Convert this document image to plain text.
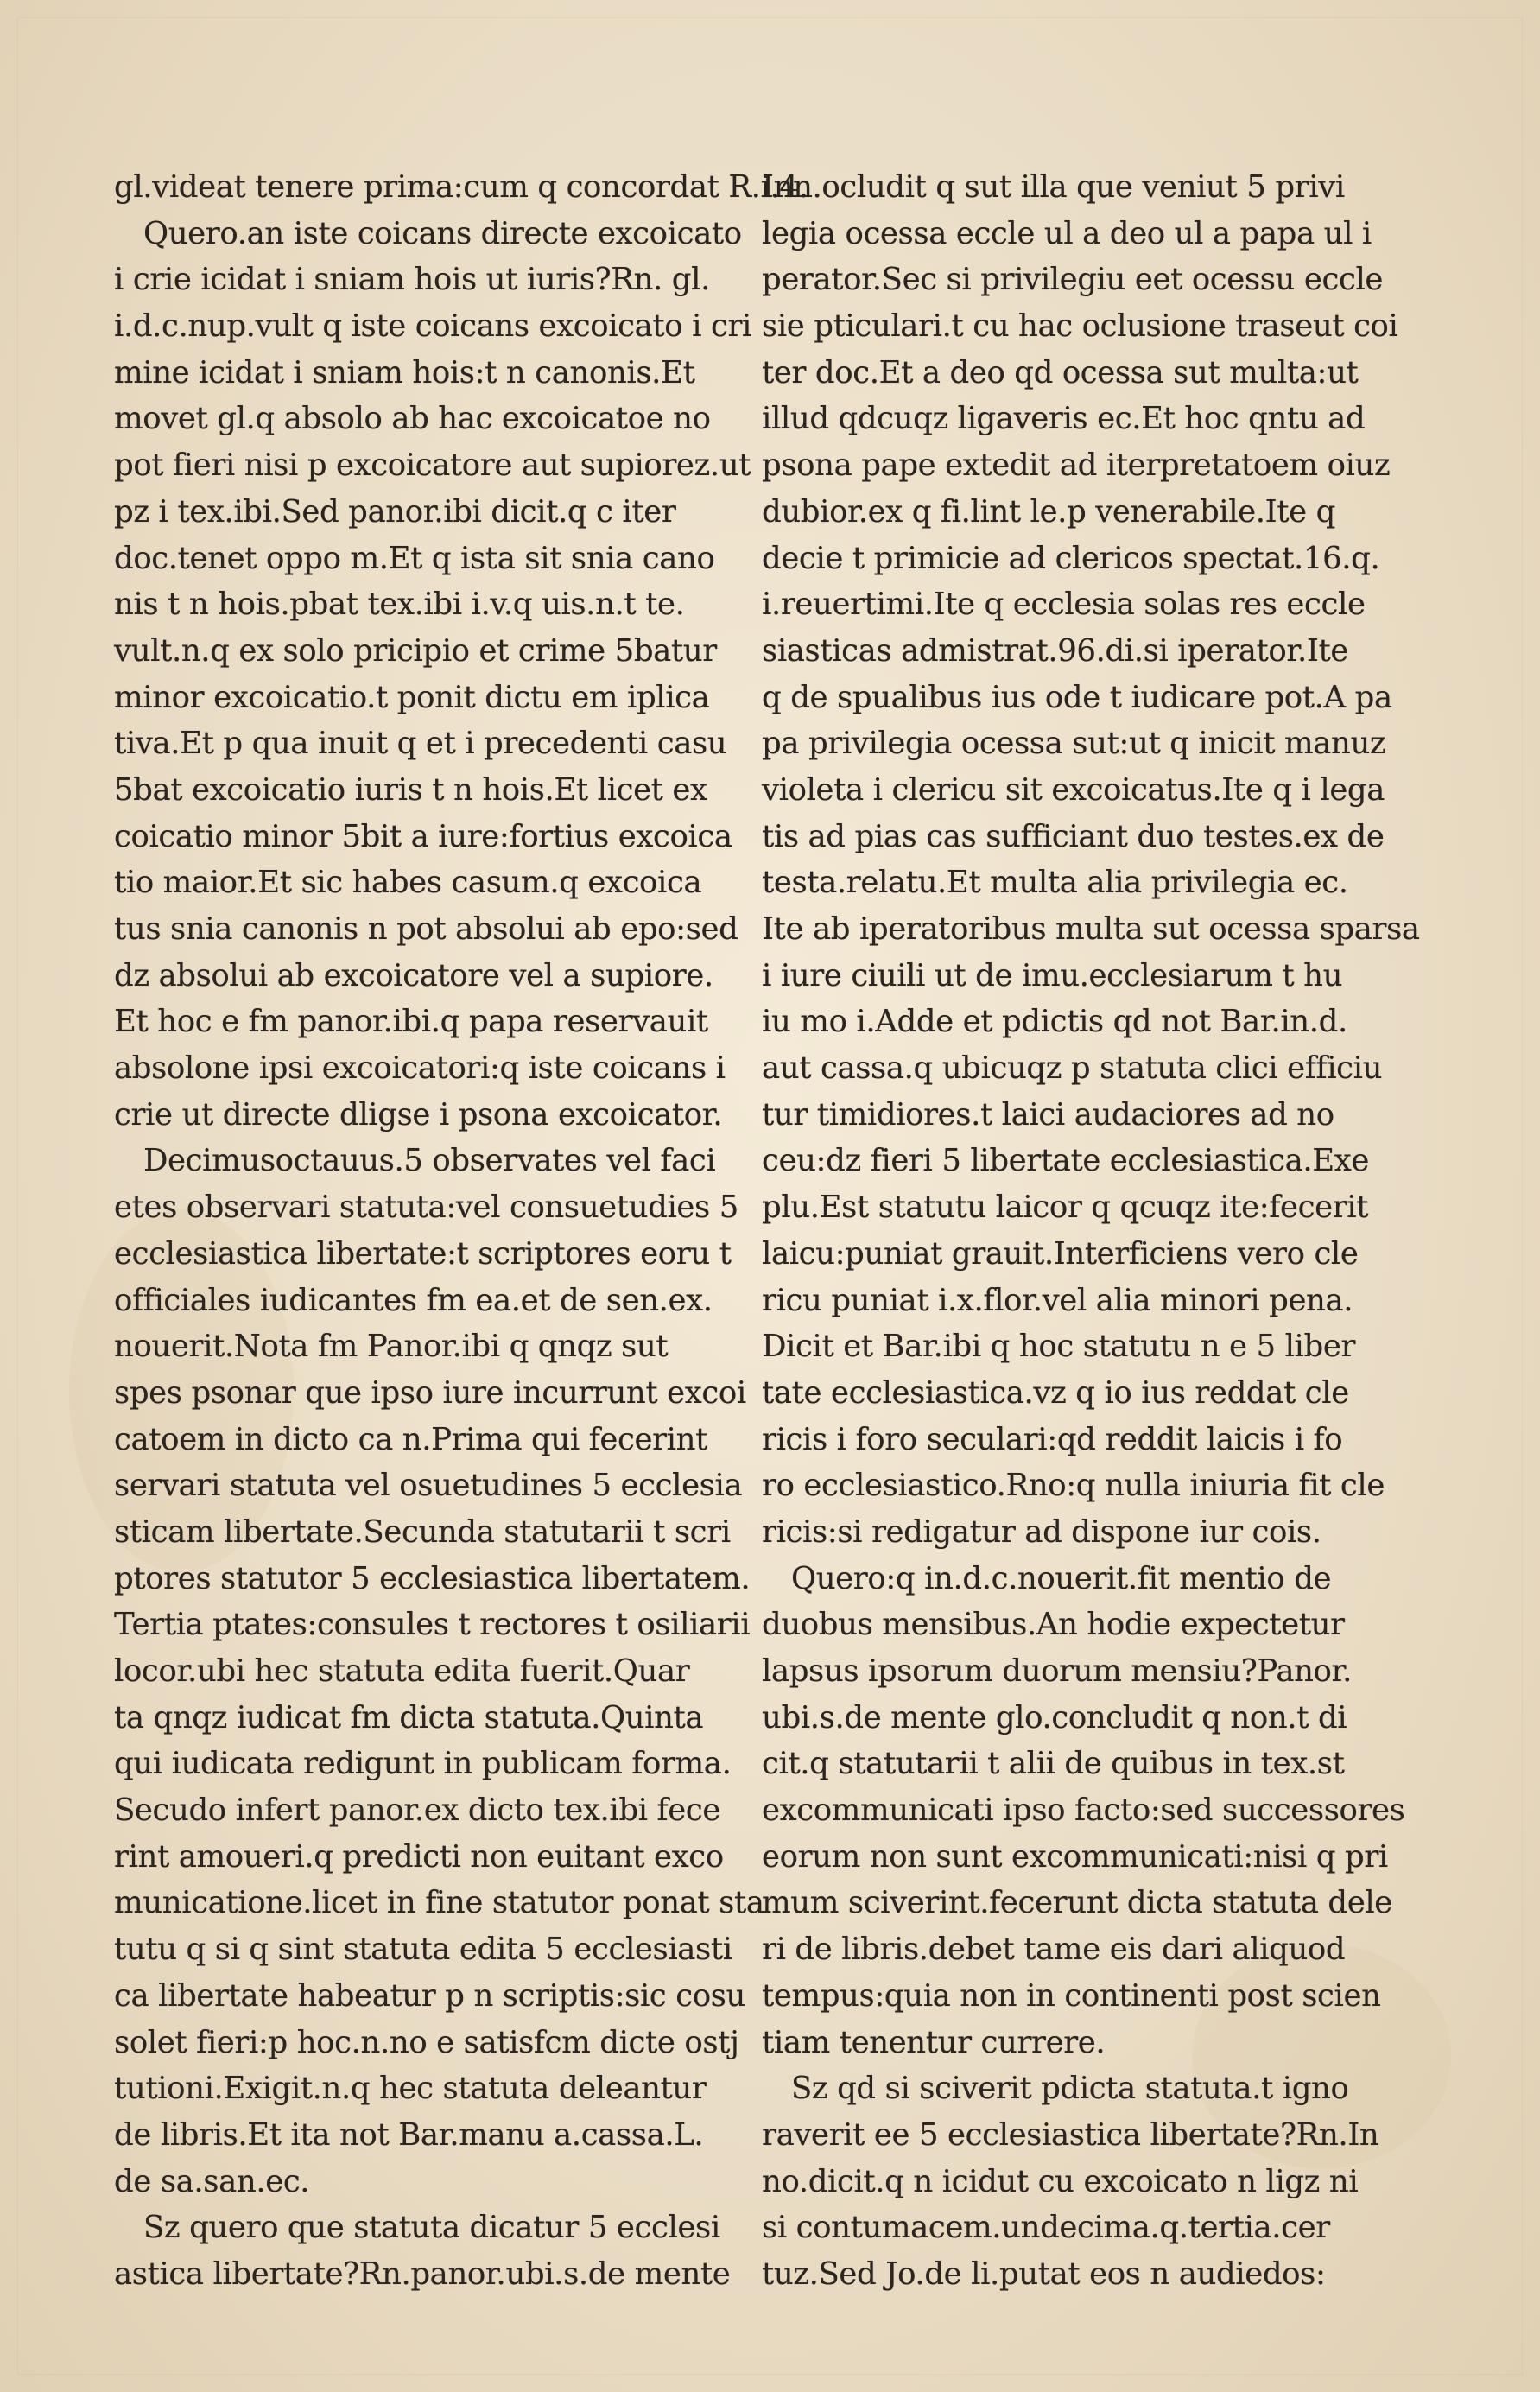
gl.videat tenere prima:cum q concordat R.i.4.
Quero.an iste coicans directe excoicato
i crie icidat i sniam hois ut iuris?Rn. gl.
i.d.c.nup.vult q iste coicans excoicato i cri
mine icidat i sniam hois:t n canonis.Et
movet gl.q absolo ab hac excoicatoe no
pot fieri nisi p excoicatore aut supiorez.ut
pz i tex.ibi.Sed panor.ibi dicit.q c iter
doc.tenet oppo m.Et q ista sit snia cano
nis t n hois.pbat tex.ibi i.v.q uis.n.t te.
vult.n.q ex solo pricipio et crime 5batur
minor excoicatio.t ponit dictu em iplica
tiva.Et p qua inuit q et i precedenti casu
5bat excoicatio iuris t n hois.Et licet ex
coicatio minor 5bit a iure:fortius excoica
tio maior.Et sic habes casum.q excoica
tus snia canonis n pot absolui ab epo:sed
dz absolui ab excoicatore vel a supiore.
Et hoc e fm panor.ibi.q papa reservauit
absolone ipsi excoicatori:q iste coicans i
crie ut directe dligse i psona excoicator.
Decimusoctauus.5 observates vel faci
etes observari statuta:vel consuetudies 5
ecclesiastica libertate:t scriptores eoru t
officiales iudicantes fm ea.et de sen.ex.
nouerit.Nota fm Panor.ibi q qnqz sut
spes psonar que ipso iure incurrunt excoi
catoem in dicto ca n.Prima qui fecerint
servari statuta vel osuetudines 5 ecclesia
sticam libertate.Secunda statutarii t scri
ptores statutor 5 ecclesiastica libertatem.
Tertia ptates:consules t rectores t osiliarii
locor.ubi hec statuta edita fuerit.Quar
ta qnqz iudicat fm dicta statuta.Quinta
qui iudicata redigunt in publicam forma.
Secudo infert panor.ex dicto tex.ibi fece
rint amoueri.q predicti non euitant exco
municatione.licet in fine statutor ponat sta
tutu q si q sint statuta edita 5 ecclesiasti
ca libertate habeatur p n scriptis:sic cosu
solet fieri:p hoc.n.no e satisfcm dicte ostj
tutioni.Exigit.n.q hec statuta deleantur
de libris.Et ita not Bar.manu a.cassa.L.
de sa.san.ec.
Sz quero que statuta dicatur 5 ecclesi
astica libertate?Rn.panor.ubi.s.de mente
Inn.ocludit q sut illa que veniut 5 privi
legia ocessa eccle ul a deo ul a papa ul i
perator.Sec si privilegiu eet ocessu eccle
sie pticulari.t cu hac oclusione traseut coi
ter doc.Et a deo qd ocessa sut multa:ut
illud qdcuqz ligaveris ec.Et hoc qntu ad
psona pape extedit ad iterpretatoem oiuz
dubior.ex q fi.lint le.p venerabile.Ite q
decie t primicie ad clericos spectat.16.q.
i.reuertimi.Ite q ecclesia solas res eccle
siasticas admistrat.96.di.si iperator.Ite
q de spualibus ius ode t iudicare pot.A pa
pa privilegia ocessa sut:ut q inicit manuz
violeta i clericu sit excoicatus.Ite q i lega
tis ad pias cas sufficiant duo testes.ex de
testa.relatu.Et multa alia privilegia ec.
Ite ab iperatoribus multa sut ocessa sparsa
i iure ciuili ut de imu.ecclesiarum t hu
iu mo i.Adde et pdictis qd not Bar.in.d.
aut cassa.q ubicuqz p statuta clici efficiu
tur timidiores.t laici audaciores ad no
ceu:dz fieri 5 libertate ecclesiastica.Exe
plu.Est statutu laicor q qcuqz ite:fecerit
laicu:puniat grauit.Interficiens vero cle
ricu puniat i.x.flor.vel alia minori pena.
Dicit et Bar.ibi q hoc statutu n e 5 liber
tate ecclesiastica.vz q io ius reddat cle
ricis i foro seculari:qd reddit laicis i fo
ro ecclesiastico.Rno:q nulla iniuria fit cle
ricis:si redigatur ad dispone iur cois.
Quero:q in.d.c.nouerit.fit mentio de
duobus mensibus.An hodie expectetur
lapsus ipsorum duorum mensiu?Panor.
ubi.s.de mente glo.concludit q non.t di
cit.q statutarii t alii de quibus in tex.st
excommunicati ipso facto:sed successores
eorum non sunt excommunicati:nisi q pri
mum sciverint.fecerunt dicta statuta dele
ri de libris.debet tame eis dari aliquod
tempus:quia non in continenti post scien
tiam tenentur currere.
Sz qd si sciverit pdicta statuta.t igno
raverit ee 5 ecclesiastica libertate?Rn.In
no.dicit.q n icidut cu excoicato n ligz ni
si contumacem.undecima.q.tertia.cer
tuz.Sed Jo.de li.putat eos n audiedos:
